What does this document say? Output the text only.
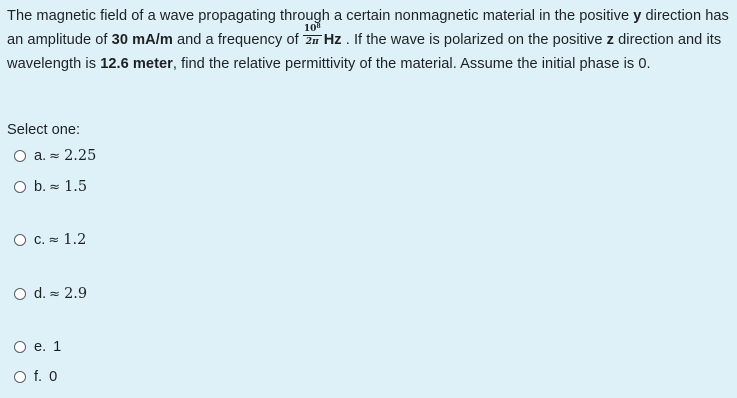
The magnetic field of a wave propagating through a certain nonmagnetic material in the positive y direction has an amplitude of 30 mA/m and a frequency of $\frac{10^8}{2\pi}$ Hz . If the wave is polarized on the positive z direction and its wavelength is 12.6 meter, find the relative permittivity of the material. Assume the initial phase is 0.
Select one:
a. ≈ 2.25
b. ≈ 1.5
c. ≈ 1.2
d. ≈ 2.9
e. 1
f. 0
